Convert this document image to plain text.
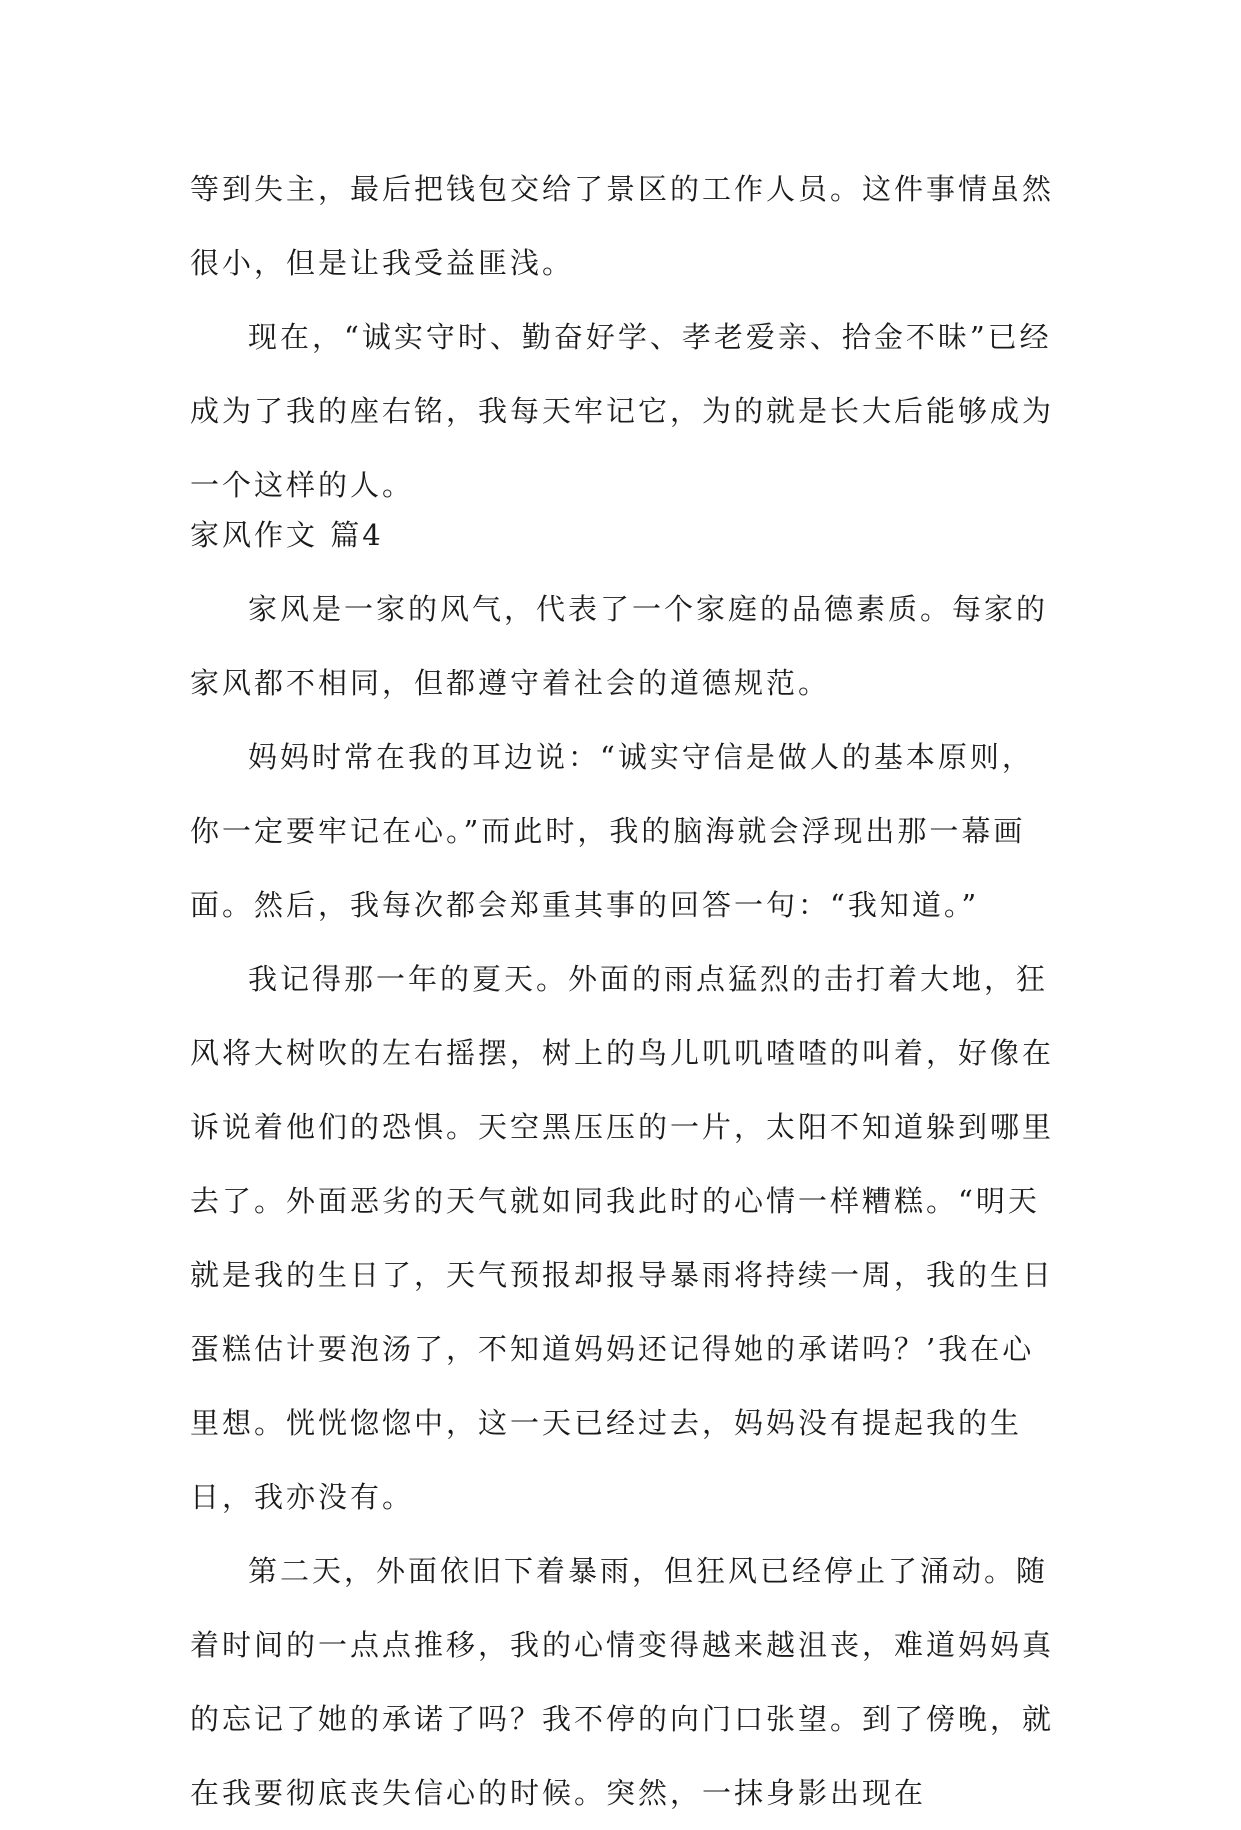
等到失主，最后把钱包交给了景区的工作人员。这件事情虽然很小，但是让我受益匪浅。

现在，“诚实守时、勤奋好学、孝老爱亲、拾金不昧”已经成为了我的座右铭，我每天牢记它，为的就是长大后能够成为一个这样的人。

家风作文 篇4

家风是一家的风气，代表了一个家庭的品德素质。每家的家风都不相同，但都遵守着社会的道德规范。

妈妈时常在我的耳边说：“诚实守信是做人的基本原则，你一定要牢记在心。”而此时，我的脑海就会浮现出那一幕画面。然后，我每次都会郑重其事的回答一句：“我知道。”

我记得那一年的夏天。外面的雨点猛烈的击打着大地，狂风将大树吹的左右摇摆，树上的鸟儿叽叽喳喳的叫着，好像在诉说着他们的恐惧。天空黑压压的一片，太阳不知道躲到哪里去了。外面恶劣的天气就如同我此时的心情一样糟糕。“明天就是我的生日了，天气预报却报导暴雨将持续一周，我的生日蛋糕估计要泡汤了，不知道妈妈还记得她的承诺吗？’我在心里想。恍恍惚惚中，这一天已经过去，妈妈没有提起我的生日，我亦没有。

第二天，外面依旧下着暴雨，但狂风已经停止了涌动。随着时间的一点点推移，我的心情变得越来越沮丧，难道妈妈真的忘记了她的承诺了吗？我不停的向门口张望。到了傍晚，就在我要彻底丧失信心的时候。突然，一抹身影出现在
